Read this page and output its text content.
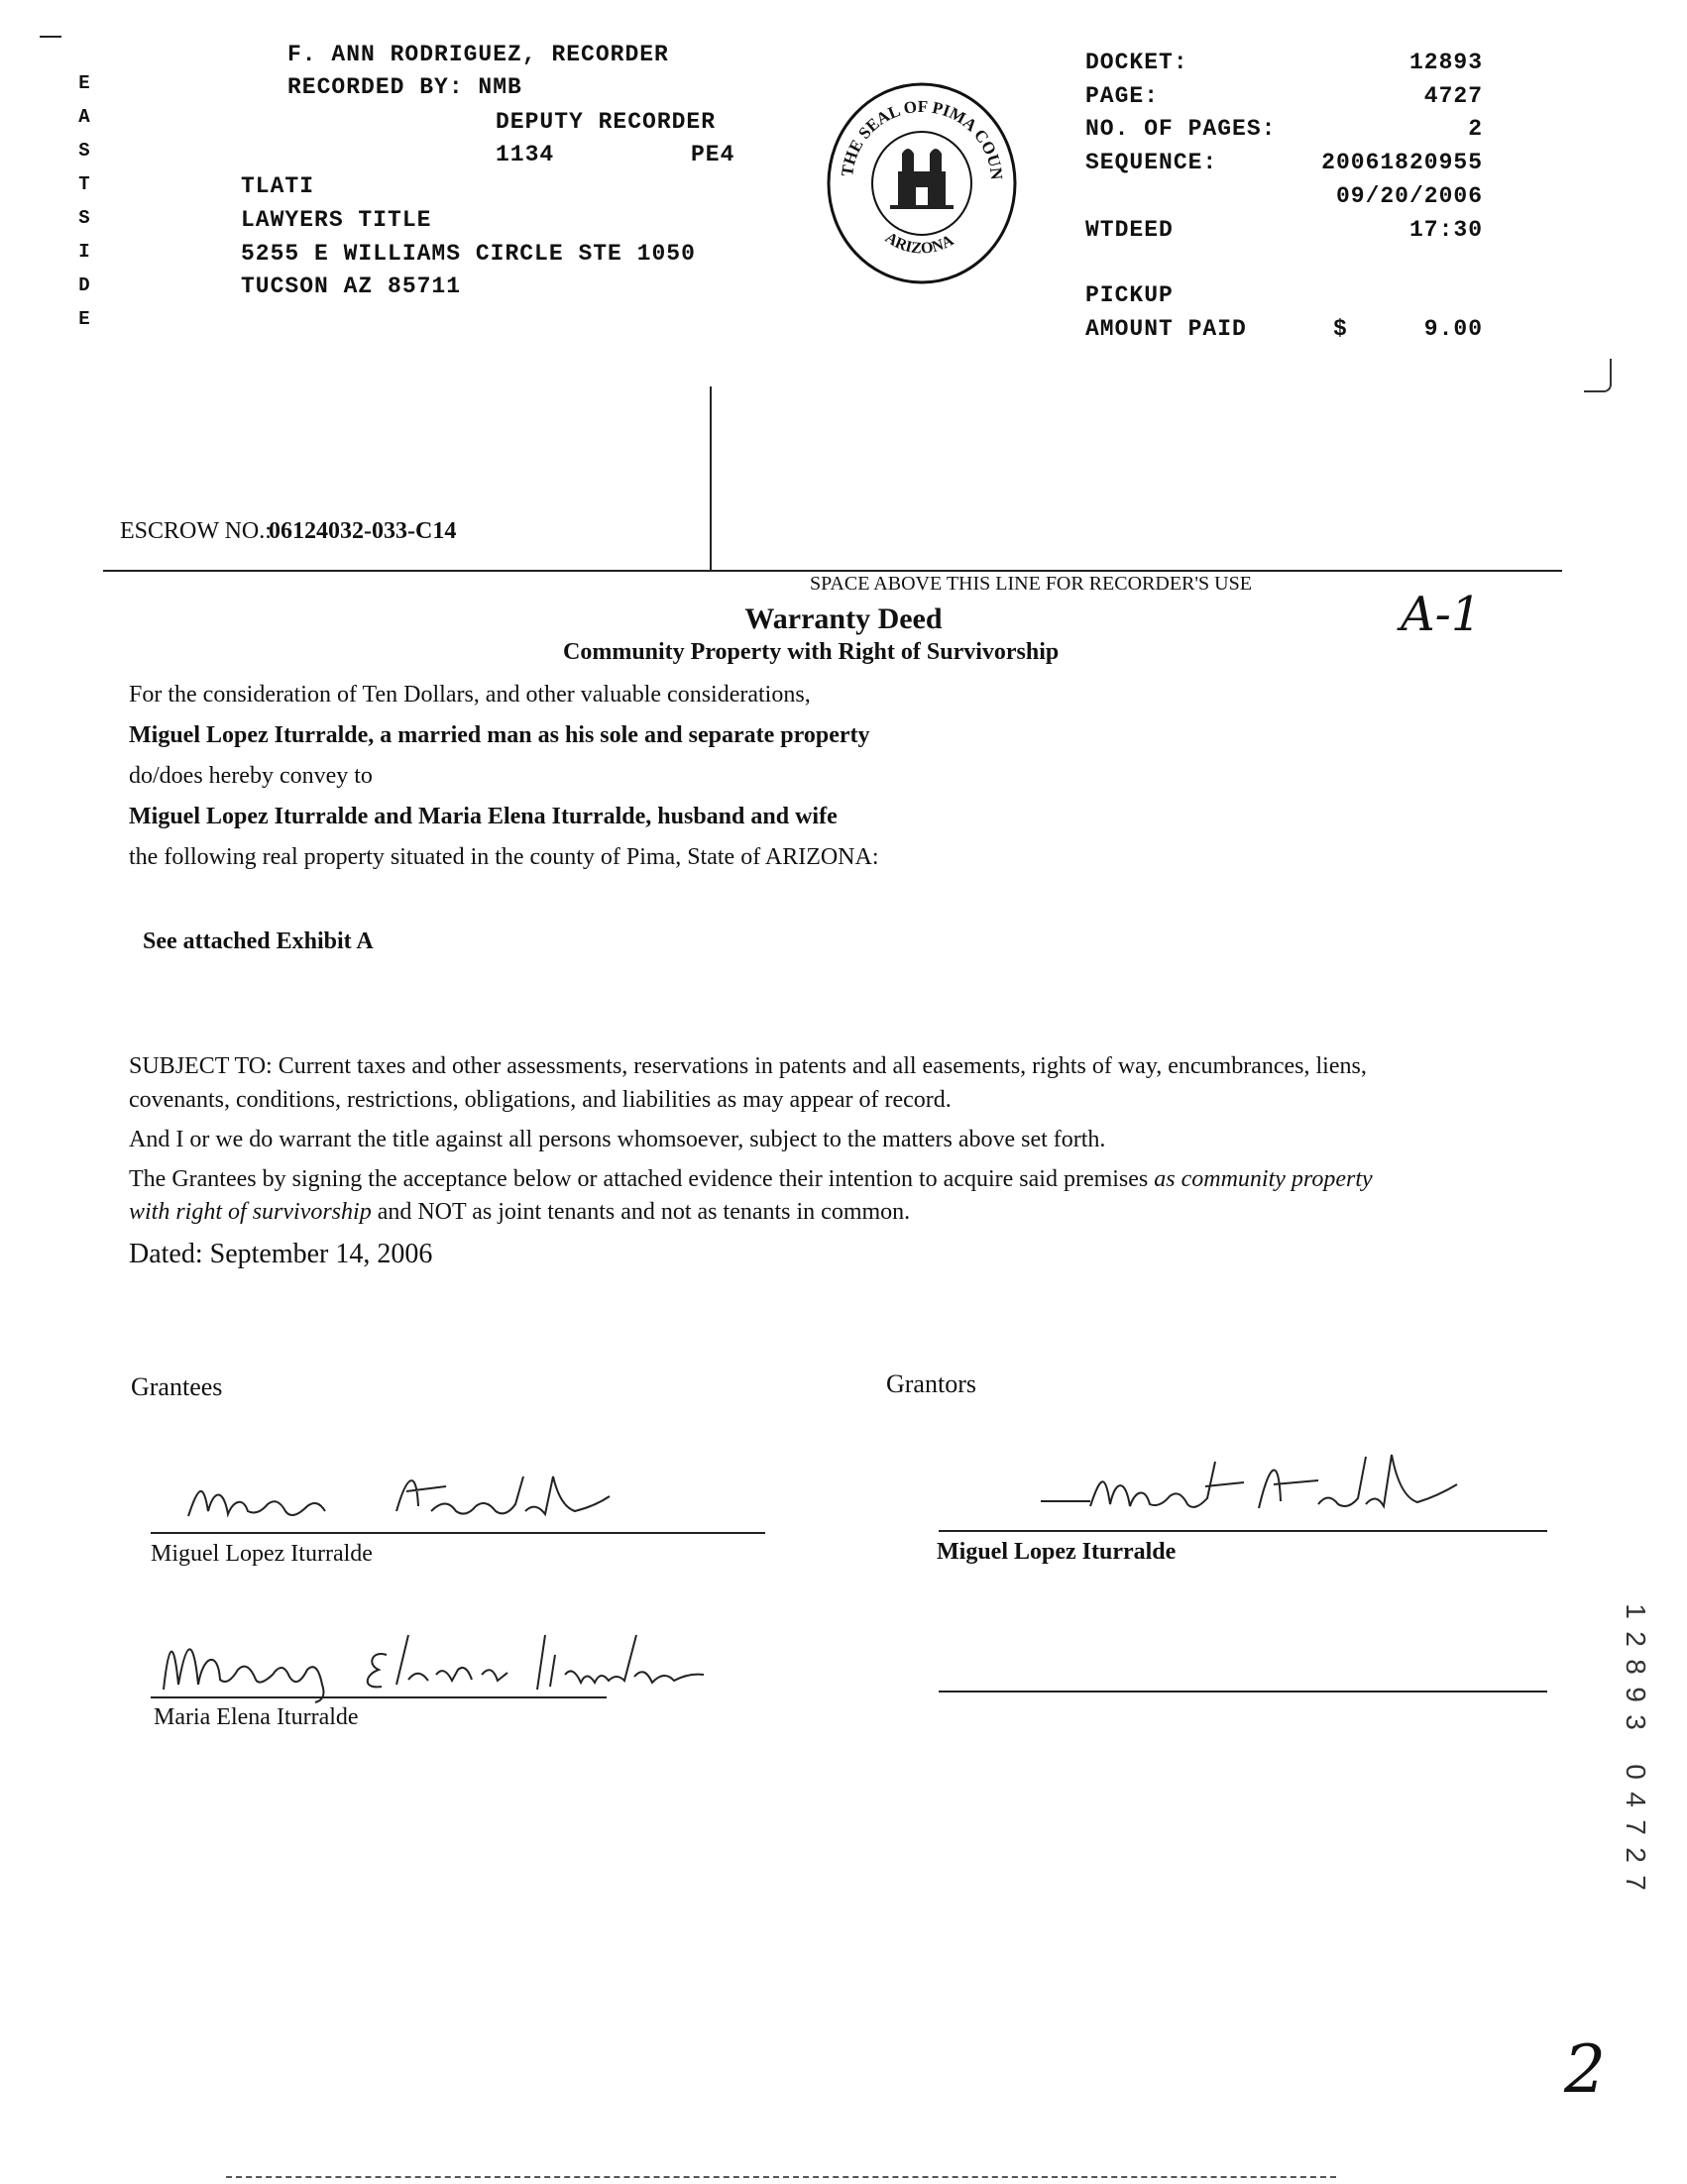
E
A
S
T
S
I
D
E
F. ANN RODRIGUEZ, RECORDER
RECORDED BY: NMB
DEPUTY RECORDER
1134	PE4
TLATI
LAWYERS TITLE
5255 E WILLIAMS CIRCLE STE 1050
TUCSON AZ 85711
THE SEAL OF PIMA COUN
ARIZONA
DOCKET:	12893
PAGE:	4727
NO. OF PAGES:	2
SEQUENCE:	20061820955
09/20/2006
WTDEED	17:30
PICKUP
AMOUNT PAID	$	9.00
ESCROW NO.:
06124032-033-C14
SPACE ABOVE THIS LINE FOR RECORDER'S USE
A-1
Warranty Deed
Community Property with Right of Survivorship
For the consideration of Ten Dollars, and other valuable considerations,
Miguel Lopez Iturralde, a married man as his sole and separate property
do/does hereby convey to
Miguel Lopez Iturralde and Maria Elena Iturralde, husband and wife
the following real property situated in the county of Pima, State of ARIZONA:
See attached Exhibit A
SUBJECT TO: Current taxes and other assessments, reservations in patents and all easements, rights of way, encumbrances, liens,
covenants, conditions, restrictions, obligations, and liabilities as may appear of record.
And I or we do warrant the title against all persons whomsoever, subject to the matters above set forth.
The Grantees by signing the acceptance below or attached evidence their intention to acquire said premises as community property
with right of survivorship and NOT as joint tenants and not as tenants in common.
Dated: September 14, 2006
Grantees	Grantors
Miguel Lopez Iturralde	Miguel Lopez Iturralde
Maria Elena Iturralde
1
2
8
9
3
0
4
7
2
7
2
